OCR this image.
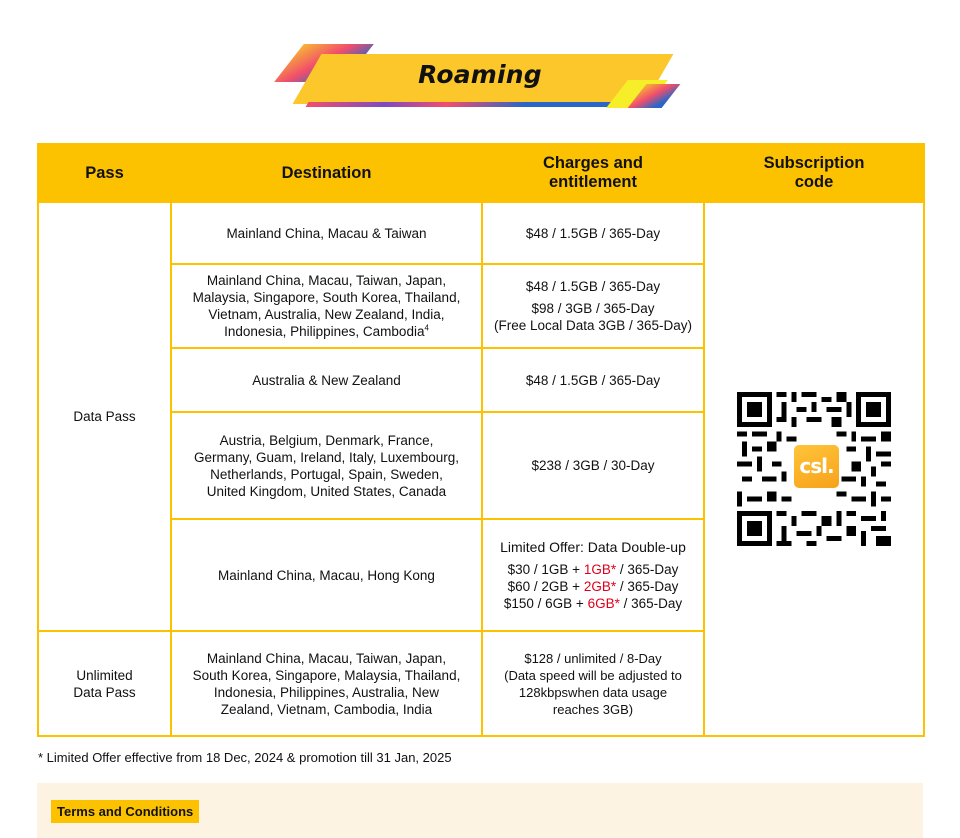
Roaming
Pass	Destination	Charges and
entitlement	Subscription
code
Data Pass	Mainland China, Macau & Taiwan	$48 / 1.5GB / 365-Day	csl.

	Mainland China, Macau, Taiwan, Japan,
Malaysia, Singapore, South Korea, Thailand,
Vietnam, Australia, New Zealand, India,
Indonesia, Philippines, Cambodia$^4$	$48 / 1.5GB / 365-Day
$98 / 3GB / 365-Day
(Free Local Data 3GB / 365-Day)	
	Australia & New Zealand	$48 / 1.5GB / 365-Day	
	Austria, Belgium, Denmark, France,
Germany, Guam, Ireland, Italy, Luxembourg,
Netherlands, Portugal, Spain, Sweden,
United Kingdom, United States, Canada	$238 / 3GB / 30-Day	
	Mainland China, Macau, Hong Kong	Limited Offer: Data Double-up
$30 / 1GB + 1GB* / 365-Day
$60 / 2GB + 2GB* / 365-Day
$150 / 6GB + 6GB* / 365-Day	
Unlimited
Data Pass	Mainland China, Macau, Taiwan, Japan,
South Korea, Singapore, Malaysia, Thailand,
Indonesia, Philippines, Australia, New
Zealand, Vietnam, Cambodia, India	$128 / unlimited / 8-Day
(Data speed will be adjusted to
128kbpswhen data usage
reaches 3GB)	
* Limited Offer effective from 18 Dec, 2024 & promotion till 31 Jan, 2025
Terms and Conditions
